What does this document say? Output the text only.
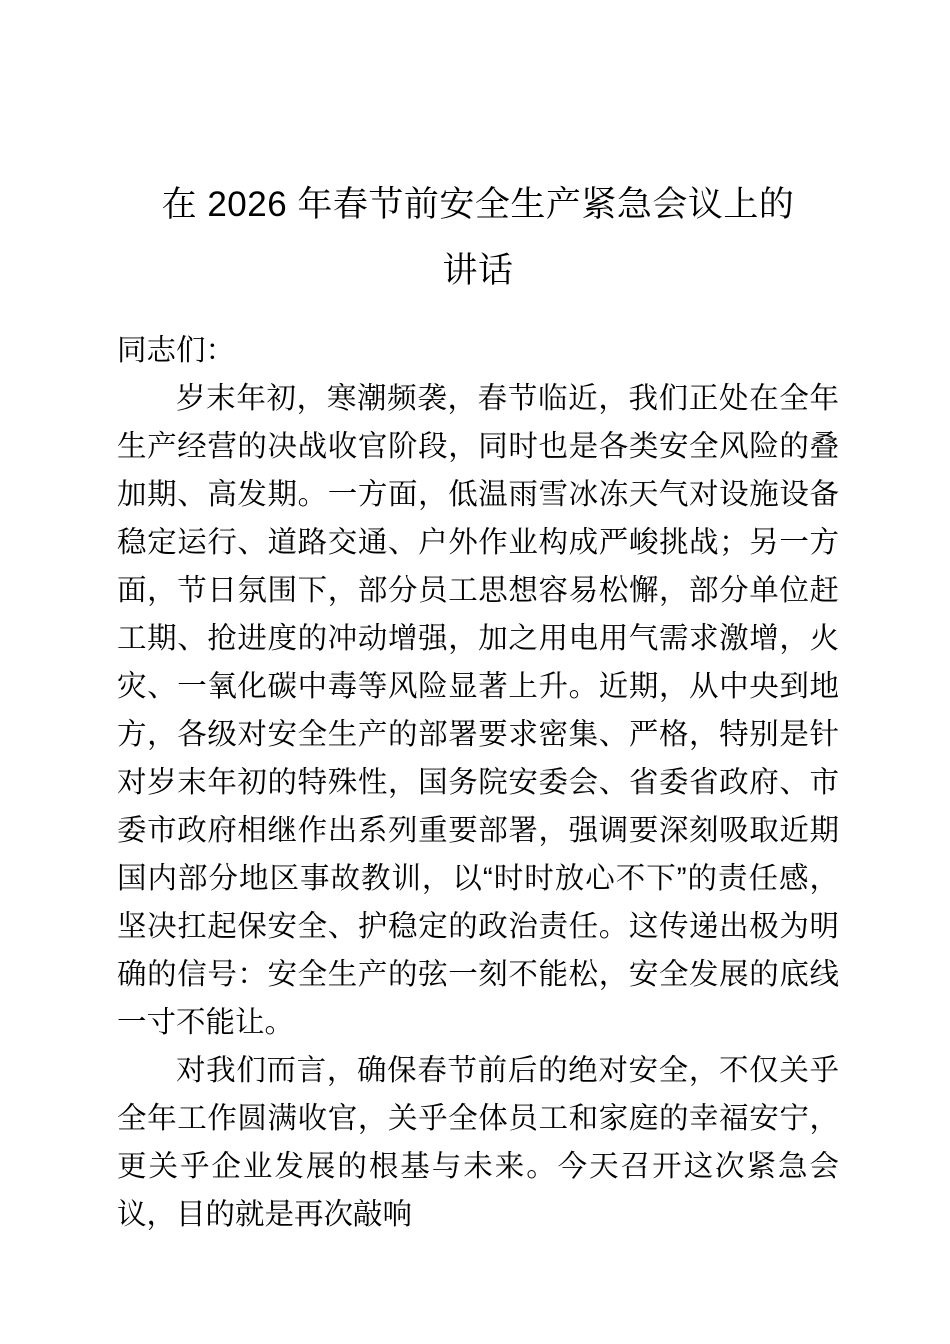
在 2026 年春节前安全生产紧急会议上的
讲话

同志们：

岁末年初，寒潮频袭，春节临近，我们正处在全年生产经营的决战收官阶段，同时也是各类安全风险的叠加期、高发期。一方面，低温雨雪冰冻天气对设施设备稳定运行、道路交通、户外作业构成严峻挑战；另一方面，节日氛围下，部分员工思想容易松懈，部分单位赶工期、抢进度的冲动增强，加之用电用气需求激增，火灾、一氧化碳中毒等风险显著上升。近期，从中央到地方，各级对安全生产的部署要求密集、严格，特别是针对岁末年初的特殊性，国务院安委会、省委省政府、市委市政府相继作出系列重要部署，强调要深刻吸取近期国内部分地区事故教训，以“时时放心不下”的责任感，坚决扛起保安全、护稳定的政治责任。这传递出极为明确的信号：安全生产的弦一刻不能松，安全发展的底线一寸不能让。

对我们而言，确保春节前后的绝对安全，不仅关乎全年工作圆满收官，关乎全体员工和家庭的幸福安宁，更关乎企业发展的根基与未来。今天召开这次紧急会议，目的就是再次敲响
